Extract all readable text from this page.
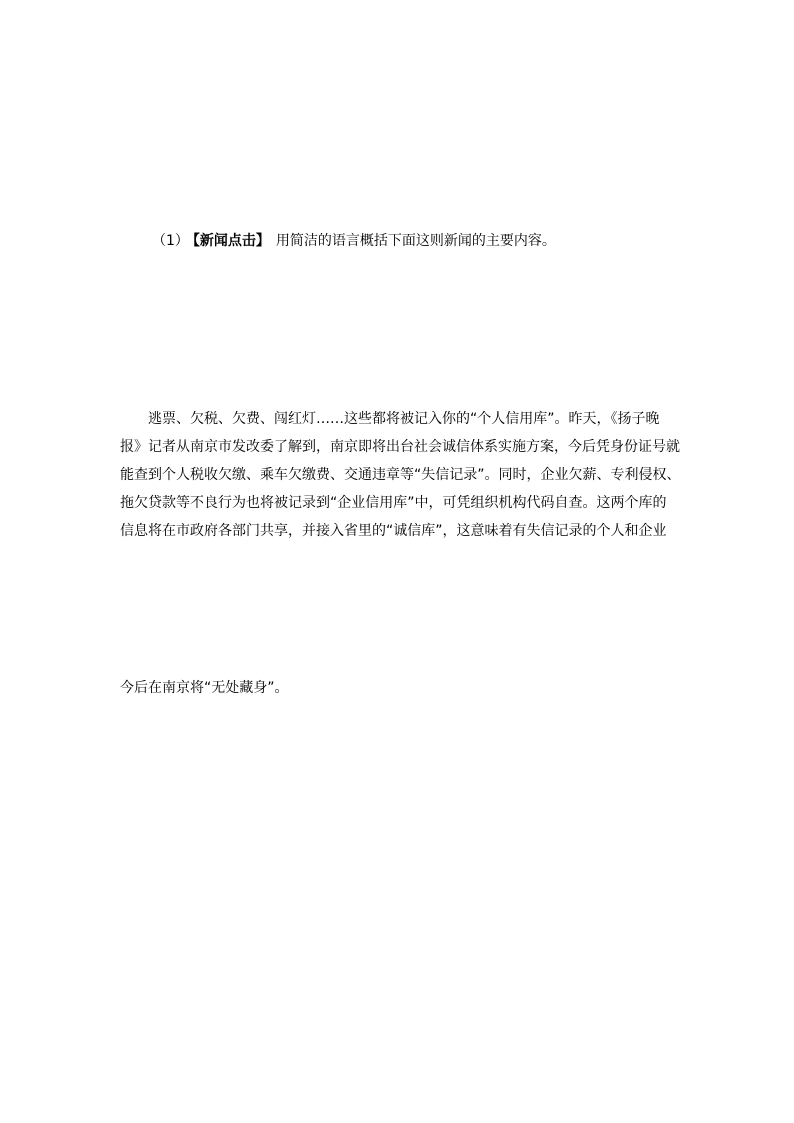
（1） 【新闻点击】 用简洁的语言概括下面这则新闻的主要内容。
逃票、欠税、欠费、闯红灯……这些都将被记入你的“个人信用库”。昨天，《扬子晚
报》记者从南京市发改委了解到，南京即将出台社会诚信体系实施方案，今后凭身份证号就
能查到个人税收欠缴、乘车欠缴费、交通违章等“失信记录”。同时，企业欠薪、专利侵权、
拖欠贷款等不良行为也将被记录到“企业信用库”中，可凭组织机构代码自查。这两个库的
信息将在市政府各部门共享，并接入省里的“诚信库”，这意味着有失信记录的个人和企业
今后在南京将“无处藏身”。
